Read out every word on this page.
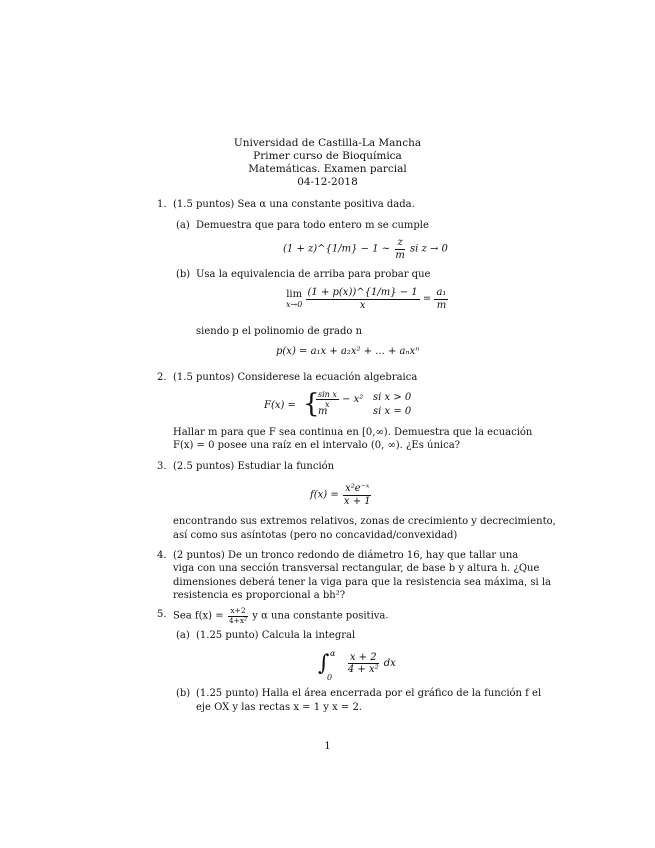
Universidad de Castilla-La Mancha
Primer curso de Bioquímica
Matemáticas. Examen parcial
04-12-2018
1. (1.5 puntos) Sea α una constante positiva dada.
(a) Demuestra que para todo entero m se cumple
(1 + z)^{1/m} − 1 ∼ $\frac{z}{m}$ si z → 0
(b) Usa la equivalencia de arriba para probar que
lim
x→0
$\frac{(1 + p(x))\^{}\{1/m\} - 1}{x} = \frac{\text{a₁}}{m}$
siendo p el polinomio de grado n
p(x) = a₁x + a₂x² + ... + aₙxⁿ
2. (1.5 puntos) Considerese la ecuación algebraica
F(x) = {
$\frac{\text{sin x}}{x} - x^2$ si x > 0
m	si x = 0
Hallar m para que F sea continua en [0,∞). Demuestra que la ecuación
F(x) = 0 posee una raíz en el intervalo (0, ∞). ¿Es única?
3. (2.5 puntos) Estudiar la función
$f(x) = \frac{\text{x²e⁻ˣ}}{x + 1}$
encontrando sus extremos relativos, zonas de crecimiento y decrecimiento,
así como sus asíntotas (pero no concavidad/convexidad)
4. (2 puntos) De un tronco redondo de diámetro 16, hay que tallar una
viga con una sección transversal rectangular, de base b y altura h. ¿Que
dimensiones deberá tener la viga para que la resistencia sea máxima, si la
resistencia es proporcional a bh²?
5. Sea $f(x) = \frac{x+2}{\text{4+x²}}$ y α una constante positiva.
(a) (1.25 punto) Calcula la integral
∫ α
0

$\frac{x + 2}{\text{4 + x²}}$ dx
(b) (1.25 punto) Halla el área encerrada por el gráfico de la función f el
eje OX y las rectas x = 1 y x = 2.
1
